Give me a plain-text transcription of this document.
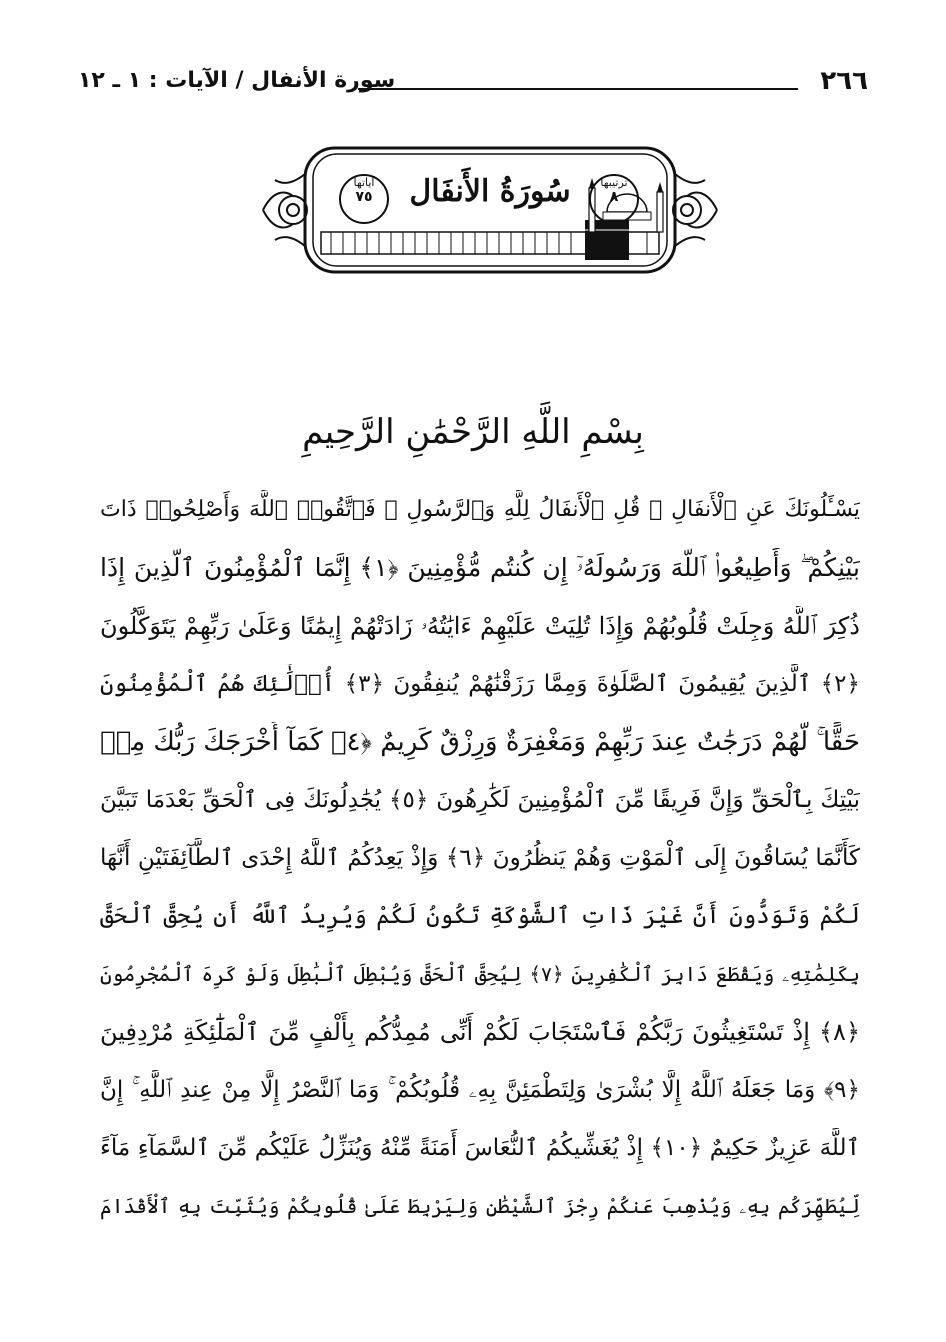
٢٦٦
سورة الأنفال / الآيات : ١ ـ ١٢
آياتها
٧٥	سُورَةُ الأَنفَال	ترتيبها
٨
بِسْمِ اللَّهِ الرَّحْمَٰنِ الرَّحِيمِ
يَسْـَٔلُونَكَ عَنِ ٱلْأَنفَالِ ۖ قُلِ ٱلْأَنفَالُ لِلَّهِ وَٱلرَّسُولِ ۖ فَٱتَّقُوا۟ ٱللَّهَ وَأَصْلِحُوا۟ ذَاتَ
بَيْنِكُمْ ۖ وَأَطِيعُوا۟ ٱللَّهَ وَرَسُولَهُۥٓ إِن كُنتُم مُّؤْمِنِينَ ﴿١﴾ إِنَّمَا ٱلْمُؤْمِنُونَ ٱلَّذِينَ إِذَا
ذُكِرَ ٱللَّهُ وَجِلَتْ قُلُوبُهُمْ وَإِذَا تُلِيَتْ عَلَيْهِمْ ءَايَٰتُهُۥ زَادَتْهُمْ إِيمَٰنًا وَعَلَىٰ رَبِّهِمْ يَتَوَكَّلُونَ
﴿٢﴾ ٱلَّذِينَ يُقِيمُونَ ٱلصَّلَوٰةَ وَمِمَّا رَزَقْنَٰهُمْ يُنفِقُونَ ﴿٣﴾ أُو۟لَٰٓئِكَ هُمُ ٱلْمُؤْمِنُونَ
حَقًّا ۚ لَّهُمْ دَرَجَٰتٌ عِندَ رَبِّهِمْ وَمَغْفِرَةٌ وَرِزْقٌ كَرِيمٌ ﴿٤﴾ كَمَآ أَخْرَجَكَ رَبُّكَ مِنۢ
بَيْتِكَ بِٱلْحَقِّ وَإِنَّ فَرِيقًا مِّنَ ٱلْمُؤْمِنِينَ لَكَٰرِهُونَ ﴿٥﴾ يُجَٰدِلُونَكَ فِى ٱلْحَقِّ بَعْدَمَا تَبَيَّنَ
كَأَنَّمَا يُسَاقُونَ إِلَى ٱلْمَوْتِ وَهُمْ يَنظُرُونَ ﴿٦﴾ وَإِذْ يَعِدُكُمُ ٱللَّهُ إِحْدَى ٱلطَّآئِفَتَيْنِ أَنَّهَا
لَكُمْ وَتَوَدُّونَ أَنَّ غَيْرَ ذَاتِ ٱلشَّوْكَةِ تَكُونُ لَكُمْ وَيُرِيدُ ٱللَّهُ أَن يُحِقَّ ٱلْحَقَّ
بِكَلِمَٰتِهِۦ وَيَقْطَعَ دَابِرَ ٱلْكَٰفِرِينَ ﴿٧﴾ لِيُحِقَّ ٱلْحَقَّ وَيُبْطِلَ ٱلْبَٰطِلَ وَلَوْ كَرِهَ ٱلْمُجْرِمُونَ
﴿٨﴾ إِذْ تَسْتَغِيثُونَ رَبَّكُمْ فَٱسْتَجَابَ لَكُمْ أَنِّى مُمِدُّكُم بِأَلْفٍ مِّنَ ٱلْمَلَٰٓئِكَةِ مُرْدِفِينَ
﴿٩﴾ وَمَا جَعَلَهُ ٱللَّهُ إِلَّا بُشْرَىٰ وَلِتَطْمَئِنَّ بِهِۦ قُلُوبُكُمْ ۚ وَمَا ٱلنَّصْرُ إِلَّا مِنْ عِندِ ٱللَّهِ ۚ إِنَّ
ٱللَّهَ عَزِيزٌ حَكِيمٌ ﴿١٠﴾ إِذْ يُغَشِّيكُمُ ٱلنُّعَاسَ أَمَنَةً مِّنْهُ وَيُنَزِّلُ عَلَيْكُم مِّنَ ٱلسَّمَآءِ مَآءً
لِّيُطَهِّرَكُم بِهِۦ وَيُذْهِبَ عَنكُمْ رِجْزَ ٱلشَّيْطَٰنِ وَلِيَرْبِطَ عَلَىٰ قُلُوبِكُمْ وَيُثَبِّتَ بِهِ ٱلْأَقْدَامَ
